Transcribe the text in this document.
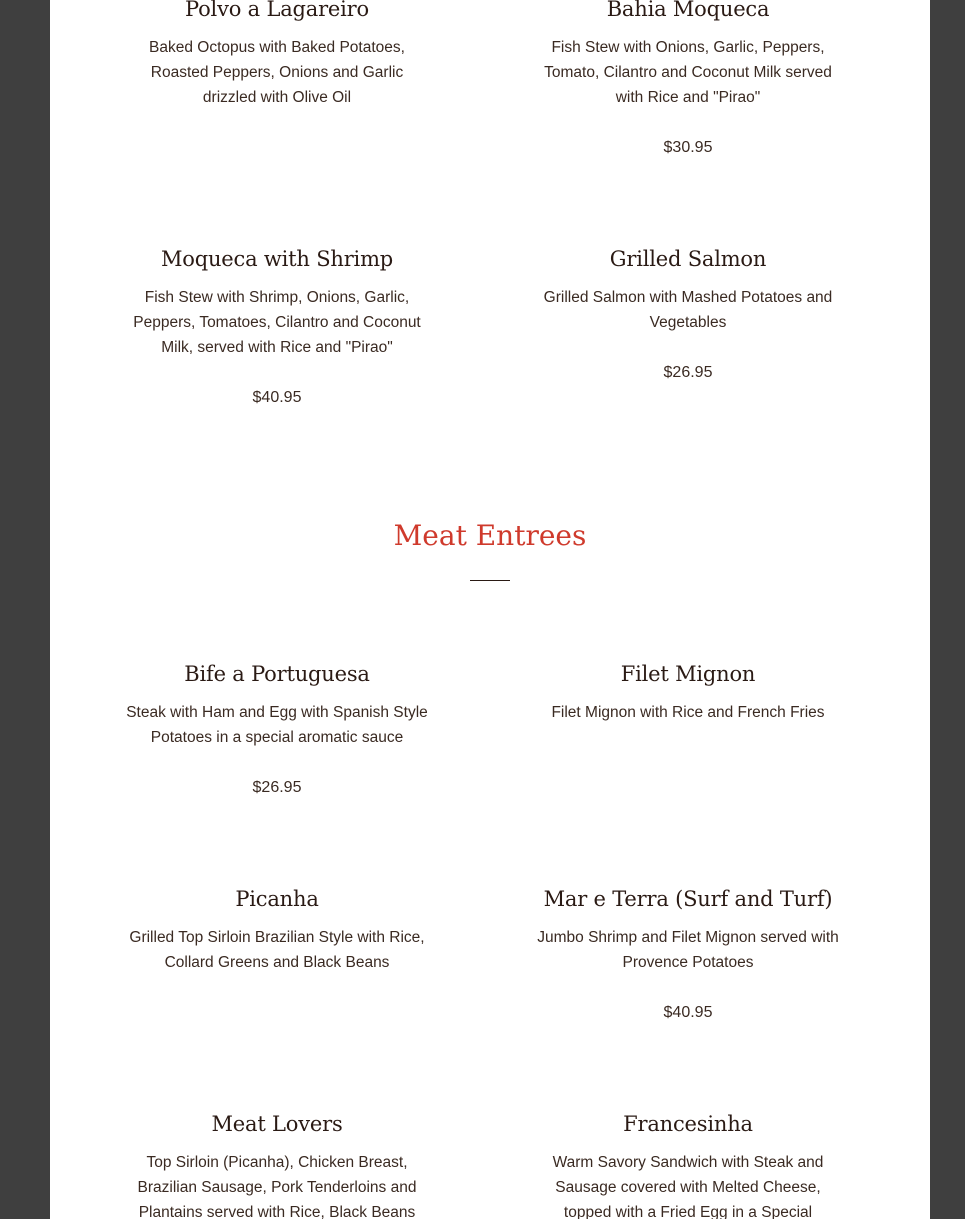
Polvo a Lagareiro
Baked Octopus with Baked Potatoes, Roasted Peppers, Onions and Garlic drizzled with Olive Oil
Bahia Moqueca
Fish Stew with Onions, Garlic, Peppers, Tomato, Cilantro and Coconut Milk served with Rice and "Pirao"
$30.95
Moqueca with Shrimp
Fish Stew with Shrimp, Onions, Garlic, Peppers, Tomatoes, Cilantro and Coconut Milk, served with Rice and "Pirao"
$40.95
Grilled Salmon
Grilled Salmon with Mashed Potatoes and Vegetables
$26.95
Meat Entrees
Bife a Portuguesa
Steak with Ham and Egg with Spanish Style Potatoes in a special aromatic sauce
$26.95
Filet Mignon
Filet Mignon with Rice and French Fries
Picanha
Grilled Top Sirloin Brazilian Style with Rice, Collard Greens and Black Beans
Mar e Terra (Surf and Turf)
Jumbo Shrimp and Filet Mignon served with Provence Potatoes
$40.95
Meat Lovers
Top Sirloin (Picanha), Chicken Breast, Brazilian Sausage, Pork Tenderloins and Plantains served with Rice, Black Beans
Francesinha
Warm Savory Sandwich with Steak and Sausage covered with Melted Cheese, topped with a Fried Egg in a Special
